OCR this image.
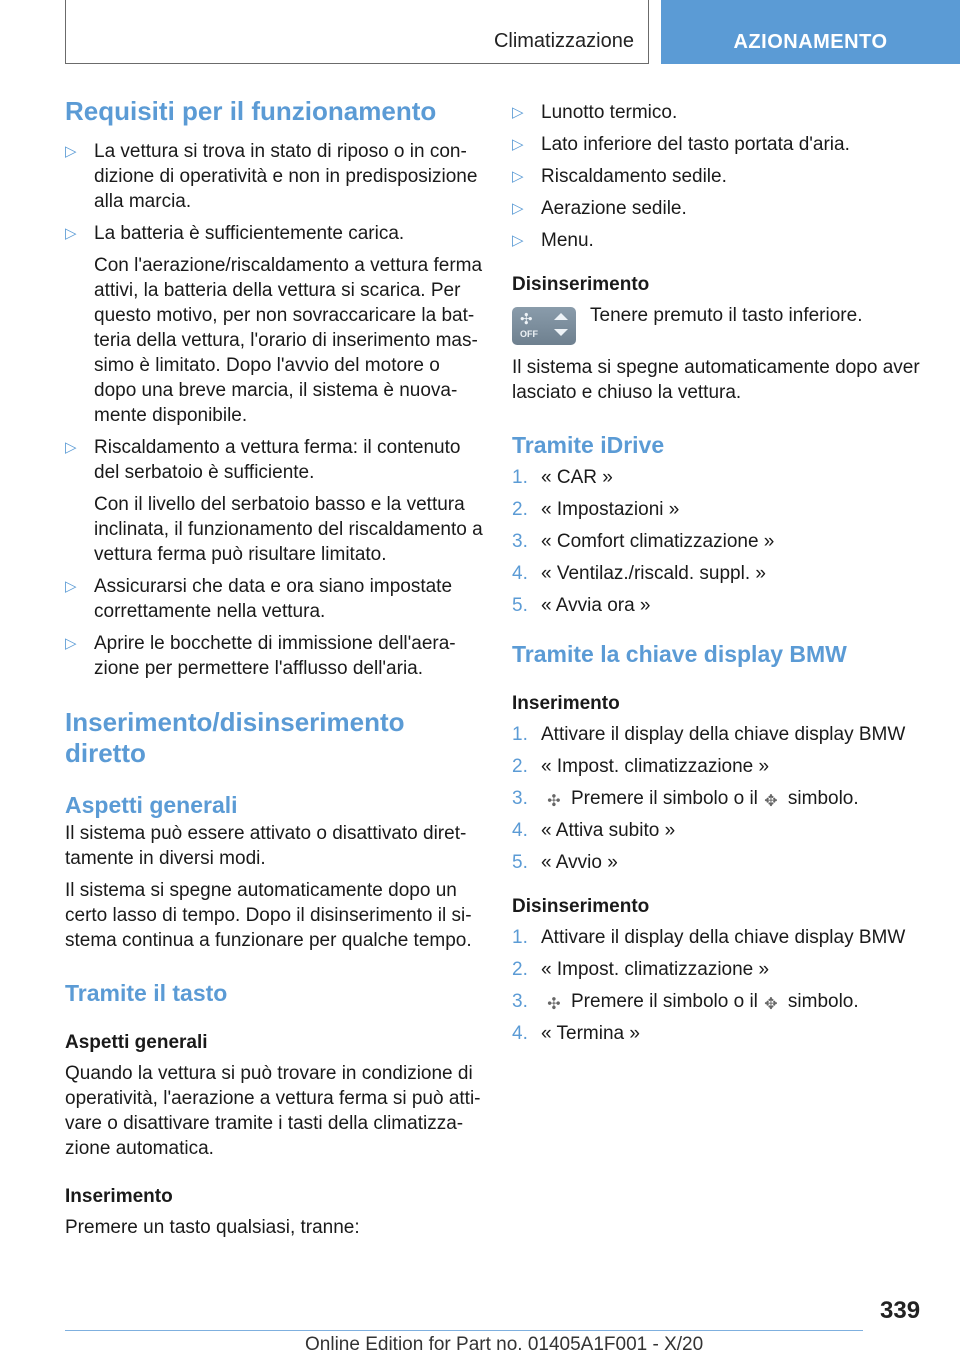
Climatizzazione	AZIONAMENTO
Requisiti per il funzionamento
▷ La vettura si trova in stato di riposo o in con- dizione di operatività e non in predisposizione alla marcia.
▷ La batteria è sufficientemente carica.
Con l'aerazione/riscaldamento a vettura ferma attivi, la batteria della vettura si scarica. Per questo motivo, per non sovraccaricare la bat- teria della vettura, l'orario di inserimento mas- simo è limitato. Dopo l'avvio del motore o dopo una breve marcia, il sistema è nuova- mente disponibile.
▷ Riscaldamento a vettura ferma: il contenuto del serbatoio è sufficiente.
Con il livello del serbatoio basso e la vettura inclinata, il funzionamento del riscaldamento a vettura ferma può risultare limitato.
▷ Assicurarsi che data e ora siano impostate correttamente nella vettura.
▷ Aprire le bocchette di immissione dell'aera- zione per permettere l'afflusso dell'aria.
Inserimento/disinserimento diretto
Aspetti generali

Il sistema può essere attivato o disattivato diret- tamente in diversi modi.

Il sistema si spegne automaticamente dopo un certo lasso di tempo. Dopo il disinserimento il si- stema continua a funzionare per qualche tempo.

Tramite il tasto
Aspetti generali

Quando la vettura si può trovare in condizione di operatività, l'aerazione a vettura ferma si può atti- vare o disattivare tramite i tasti della climatizza- zione automatica.

Inserimento

Premere un tasto qualsiasi, tranne:

▷ Lunotto termico.
▷ Lato inferiore del tasto portata d'aria.
▷ Riscaldamento sedile.
▷ Aerazione sedile.
▷ Menu.
Disinserimento
✣
OFF

Tenere premuto il tasto inferiore.

Il sistema si spegne automaticamente dopo aver lasciato e chiuso la vettura.

Tramite iDrive
1. « CAR »
2. « Impostazioni »
3. « Comfort climatizzazione »
4. « Ventilaz./riscald. suppl. »
5. « Avvia ora »
Tramite la chiave display BMW
Inserimento
1. Attivare il display della chiave display BMW
2. « Impost. climatizzazione »
3. ✣ Premere il simbolo o il ✥ simbolo.
4. « Attiva subito »
5. « Avvio »
Disinserimento
1. Attivare il display della chiave display BMW
2. « Impost. climatizzazione »
3. ✣ Premere il simbolo o il ✥ simbolo.
4. « Termina »
339
Online Edition for Part no. 01405A1F001 - X/20
